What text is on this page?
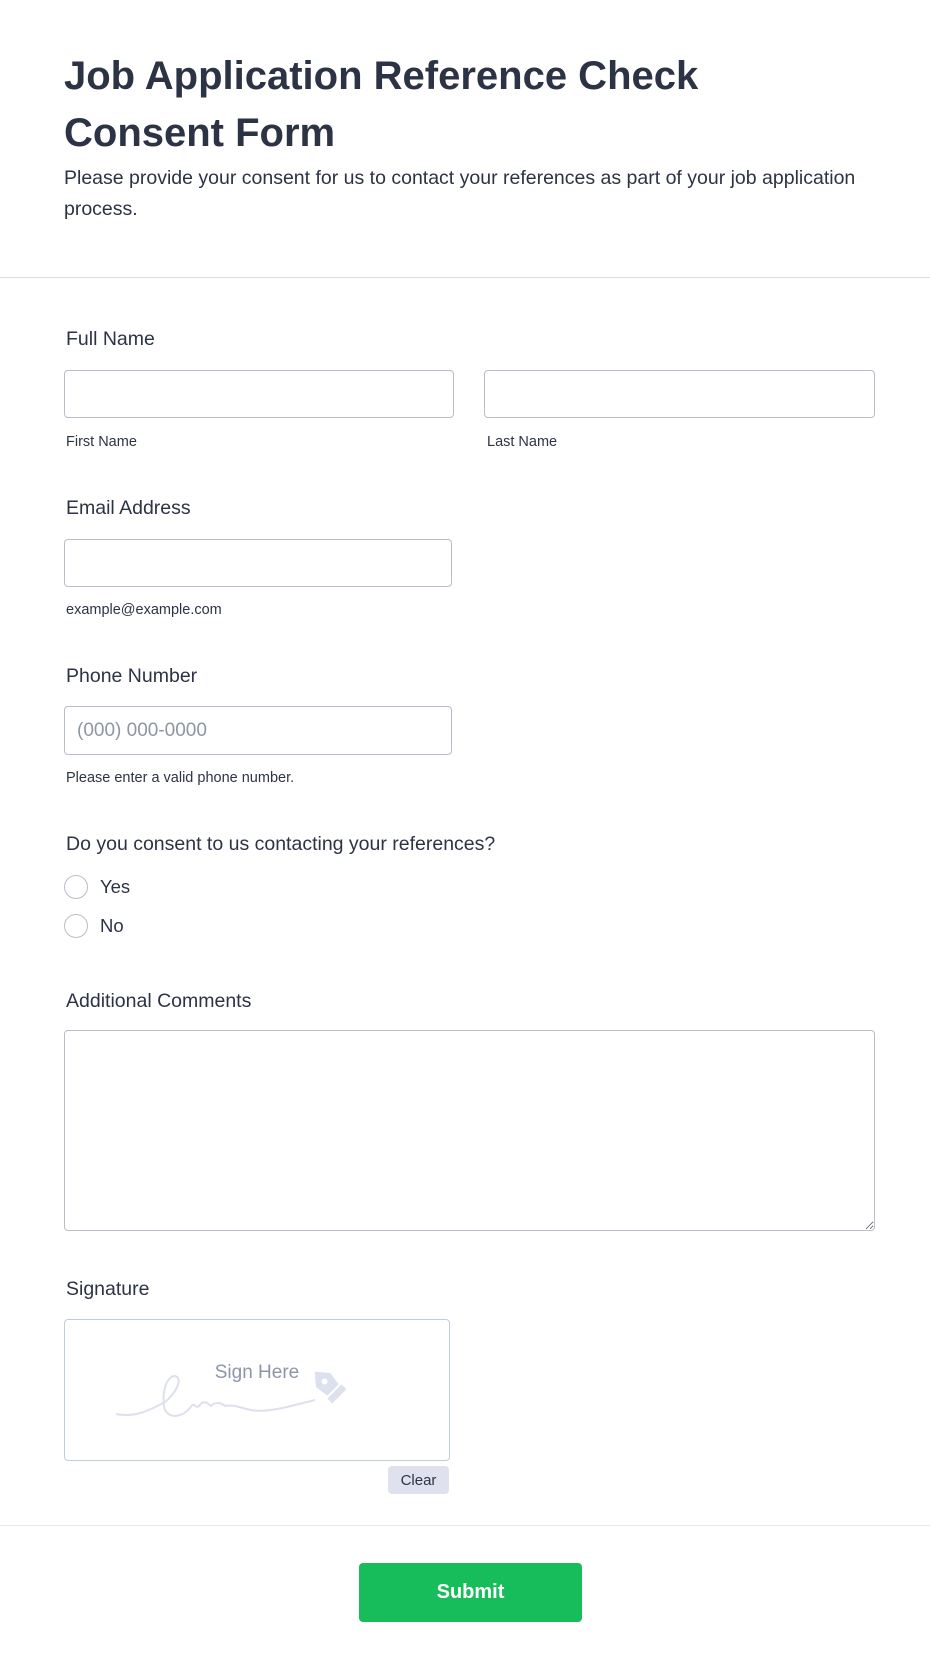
Job Application Reference Check Consent Form

Please provide your consent for us to contact your references as part of your job application process.

Full Name
First Name	Last Name
Email Address
example@example.com
Phone Number
(000) 000-0000
Please enter a valid phone number.
Do you consent to us contacting your references?
Yes
No
Additional Comments
Signature
Sign Here
Clear
Submit
